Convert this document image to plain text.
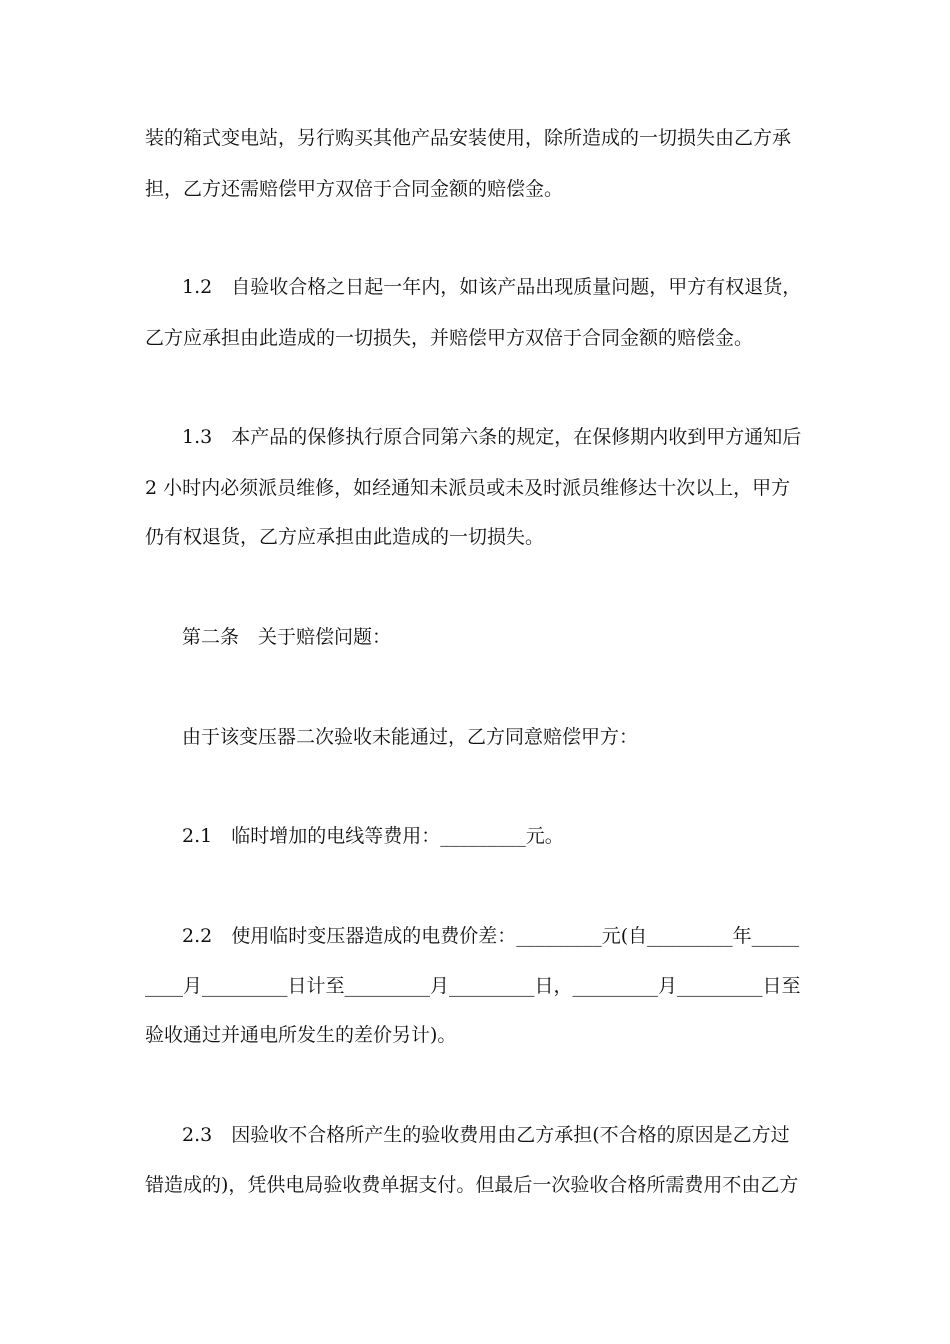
装的箱式变电站，另行购买其他产品安装使用，除所造成的一切损失由乙方承
担，乙方还需赔偿甲方双倍于合同金额的赔偿金。
1.2　自验收合格之日起一年内，如该产品出现质量问题，甲方有权退货，
乙方应承担由此造成的一切损失，并赔偿甲方双倍于合同金额的赔偿金。
1.3　本产品的保修执行原合同第六条的规定，在保修期内收到甲方通知后
2 小时内必须派员维修，如经通知未派员或未及时派员维修达十次以上，甲方
仍有权退货，乙方应承担由此造成的一切损失。
第二条　关于赔偿问题：
由于该变压器二次验收未能通过，乙方同意赔偿甲方：
2.1　临时增加的电线等费用：_________元。
2.2　使用临时变压器造成的电费价差：_________元(自_________年_____
____月_________日计至_________月_________日，_________月_________日至
验收通过并通电所发生的差价另计)。
2.3　因验收不合格所产生的验收费用由乙方承担(不合格的原因是乙方过
错造成的)，凭供电局验收费单据支付。但最后一次验收合格所需费用不由乙方
